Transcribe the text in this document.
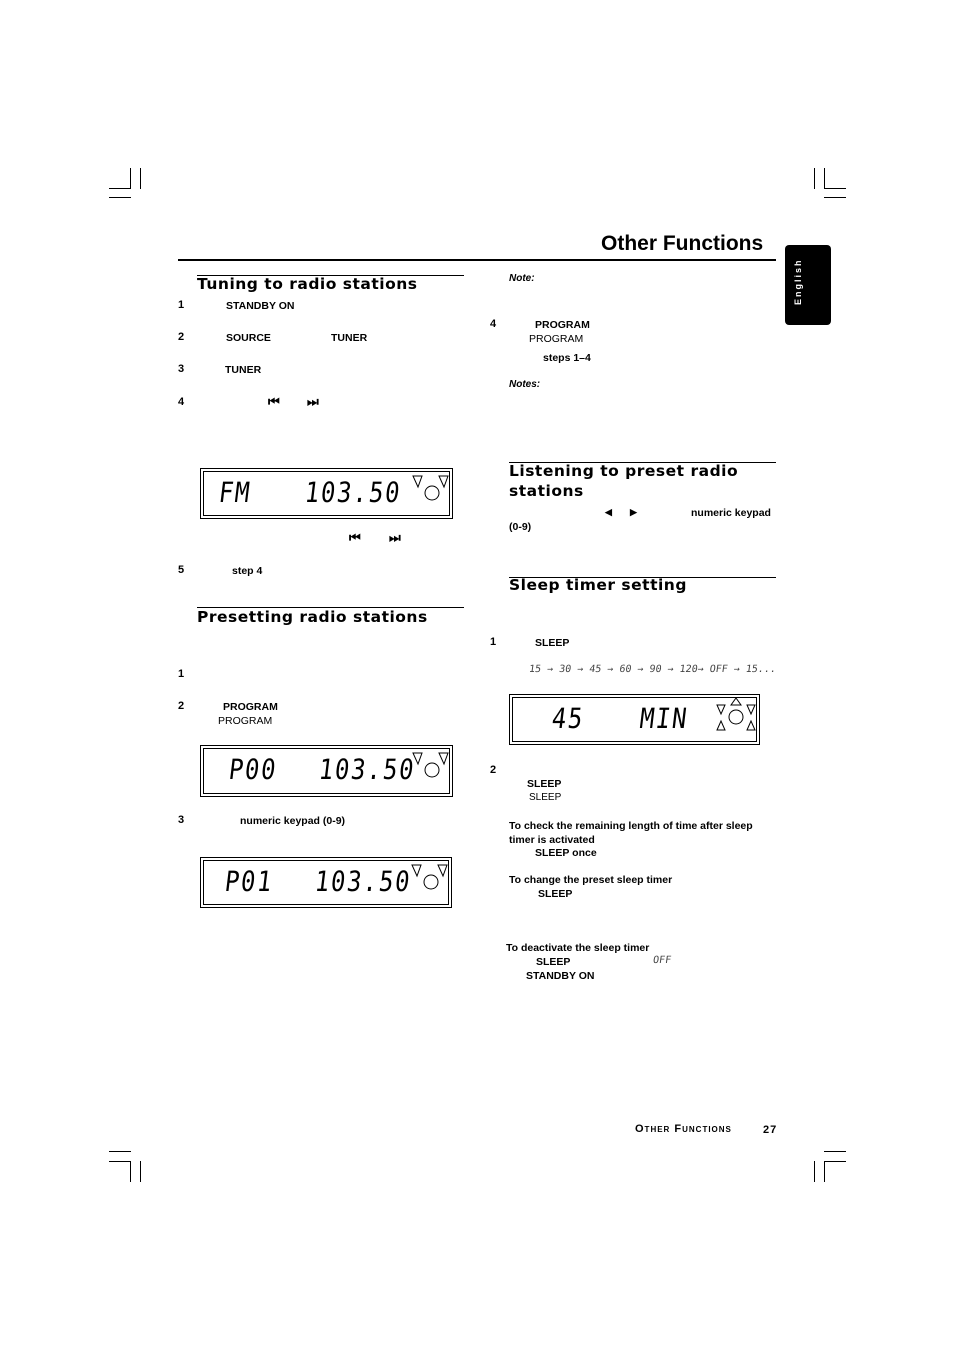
Other Functions
English
Tuning to radio stations
1	STANDBY ON
2	SOURCE	TUNER
3	TUNER
4	⏮ ⏭
FM 103.50
⏮ ⏭
5	step 4
Presetting radio stations
1
2	PROGRAM
PROGRAM
P00 103.50
3	numeric keypad (0-9)
P01 103.50
Note:
4	PROGRAM
PROGRAM
steps 1–4
Notes:
Listening to preset radio
stations
◀ ▶	numeric keypad
(0-9)
Sleep timer setting
1	SLEEP
15 → 30 → 45 → 60 → 90 → 120→ OFF → 15...
45 MIN
2
SLEEP
SLEEP
To check the remaining length of time after sleep
timer is activated
SLEEP once
To change the preset sleep timer
SLEEP
To deactivate the sleep timer
SLEEP	OFF
STANDBY ON
Other Functions	27
